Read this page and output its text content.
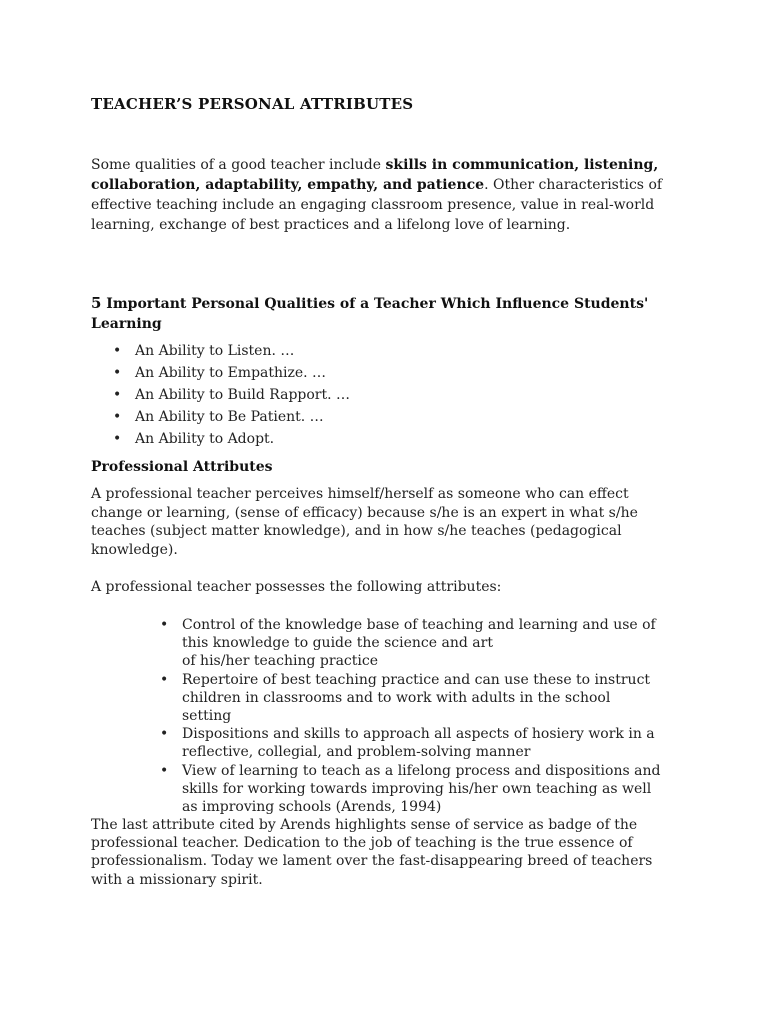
TEACHER’S PERSONAL ATTRIBUTES
Some qualities of a good teacher include skills in communication, listening,
collaboration, adaptability, empathy, and patience. Other characteristics of
effective teaching include an engaging classroom presence, value in real-world
learning, exchange of best practices and a lifelong love of learning.
5 Important Personal Qualities of a Teacher Which Influence Students'
Learning
• An Ability to Listen. …
• An Ability to Empathize. …
• An Ability to Build Rapport. …
• An Ability to Be Patient. …
• An Ability to Adopt.
Professional Attributes
A professional teacher perceives himself/herself as someone who can effect
change or learning, (sense of efficacy) because s/he is an expert in what s/he
teaches (subject matter knowledge), and in how s/he teaches (pedagogical
knowledge).
A professional teacher possesses the following attributes:
• Control of the knowledge base of teaching and learning and use of
this knowledge to guide the science and art
of his/her teaching practice
• Repertoire of best teaching practice and can use these to instruct
children in classrooms and to work with adults in the school
setting
• Dispositions and skills to approach all aspects of hosiery work in a
reflective, collegial, and problem-solving manner
• View of learning to teach as a lifelong process and dispositions and
skills for working towards improving his/her own teaching as well
as improving schools (Arends, 1994)
The last attribute cited by Arends highlights sense of service as badge of the
professional teacher. Dedication to the job of teaching is the true essence of
professionalism. Today we lament over the fast-disappearing breed of teachers
with a missionary spirit.
